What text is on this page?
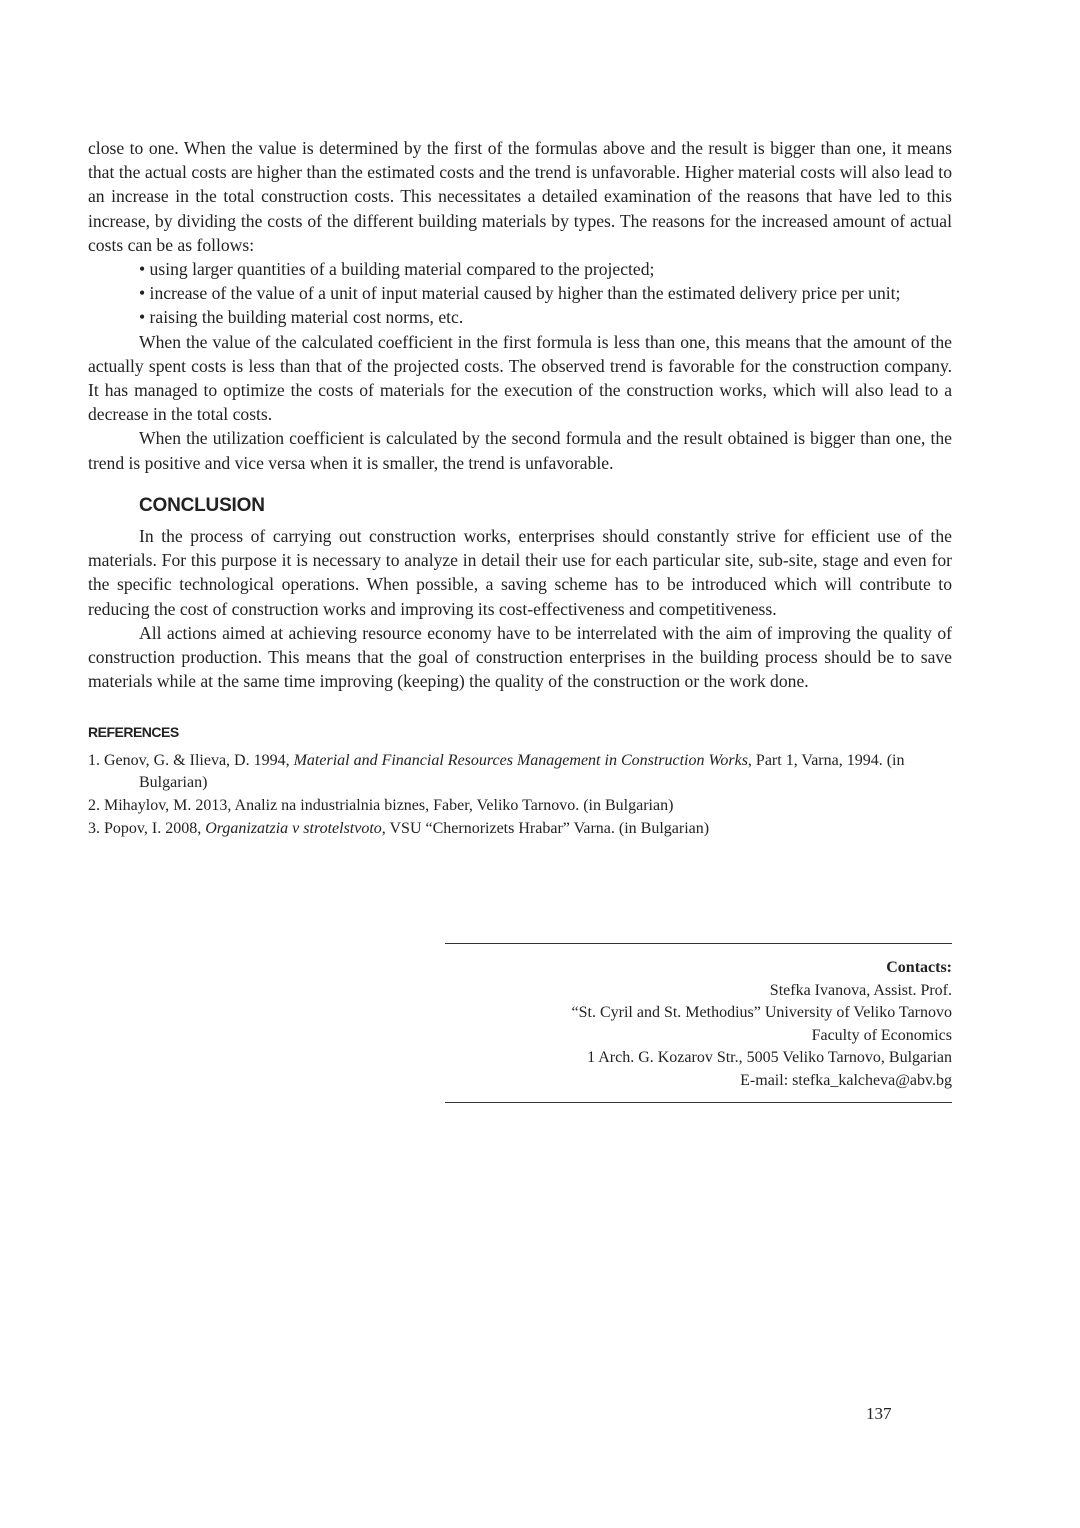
close to one. When the value is determined by the first of the formulas above and the result is bigger than one, it means that the actual costs are higher than the estimated costs and the trend is unfavorable. Higher material costs will also lead to an increase in the total construction costs. This necessitates a detailed examination of the reasons that have led to this increase, by dividing the costs of the different building materials by types. The reasons for the increased amount of actual costs can be as follows:

• using larger quantities of a building material compared to the projected;

• increase of the value of a unit of input material caused by higher than the estimated delivery price per unit;

• raising the building material cost norms, etc.

When the value of the calculated coefficient in the first formula is less than one, this means that the amount of the actually spent costs is less than that of the projected costs. The observed trend is favorable for the construction company. It has managed to optimize the costs of materials for the execution of the construction works, which will also lead to a decrease in the total costs.

When the utilization coefficient is calculated by the second formula and the result obtained is bigger than one, the trend is positive and vice versa when it is smaller, the trend is unfavorable.

CONCLUSION

In the process of carrying out construction works, enterprises should constantly strive for efficient use of the materials. For this purpose it is necessary to analyze in detail their use for each particular site, sub-site, stage and even for the specific technological operations. When possible, a saving scheme has to be introduced which will contribute to reducing the cost of construction works and improving its cost-effectiveness and competitiveness.

All actions aimed at achieving resource economy have to be interrelated with the aim of improving the quality of construction production. This means that the goal of construction enterprises in the building process should be to save materials while at the same time improving (keeping) the quality of the construction or the work done.

REFERENCES
1. Genov, G. & Ilieva, D. 1994, Material and Financial Resources Management in Construction Works, Part 1, Varna, 1994. (in Bulgarian)
2. Mihaylov, M. 2013, Analiz na industrialnia biznes, Faber, Veliko Tarnovo. (in Bulgarian)
3. Popov, I. 2008, Organizatzia v strotelstvoto, VSU “Chernorizets Hrabar” Varna. (in Bulgarian)
Contacts:
Stefka Ivanova, Assist. Prof.
“St. Cyril and St. Methodius” University of Veliko Tarnovo
Faculty of Economics
1 Arch. G. Kozarov Str., 5005 Veliko Tarnovo, Bulgarian
E-mail: stefka_kalcheva@abv.bg
137
